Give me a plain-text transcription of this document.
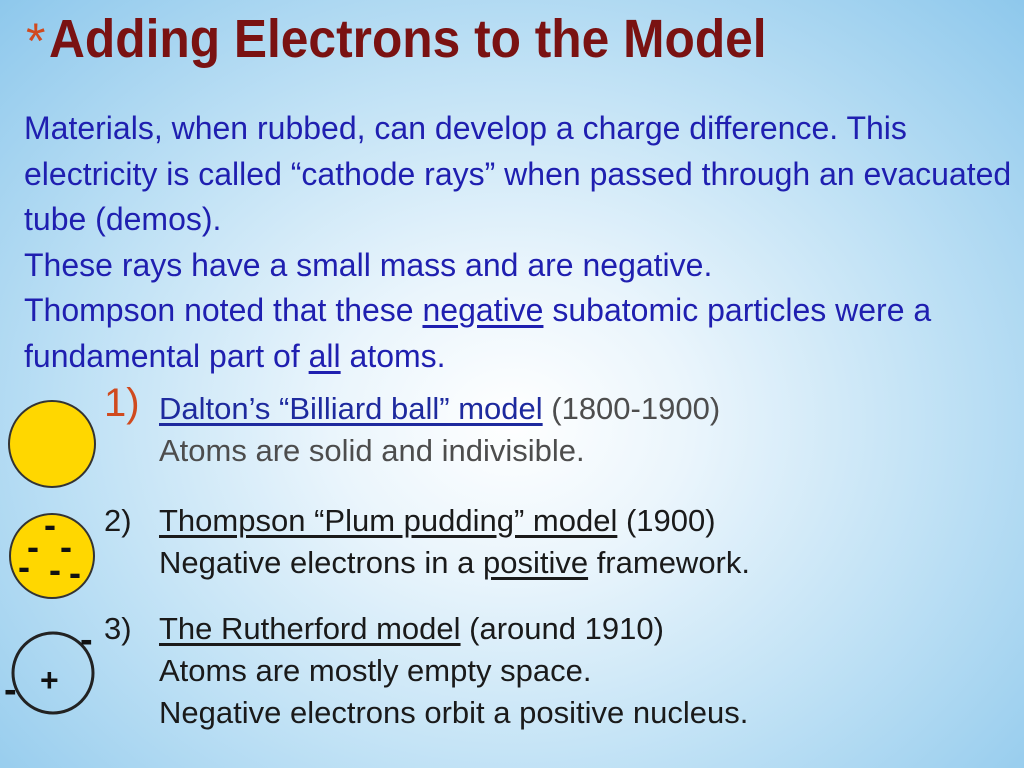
*Adding Electrons to the Model

Materials, when rubbed, can develop a charge difference. This electricity is called “cathode rays” when passed through an evacuated tube (demos).

These rays have a small mass and are negative.

Thompson noted that these negative subatomic particles were a fundamental part of all atoms.

-
- -
- - -
-
- +
1) Dalton’s “Billiard ball” model (1800-1900)
Atoms are solid and indivisible.
2) Thompson “Plum pudding” model (1900)
Negative electrons in a positive framework.
3) The Rutherford model (around 1910)
Atoms are mostly empty space.
Negative electrons orbit a positive nucleus.
